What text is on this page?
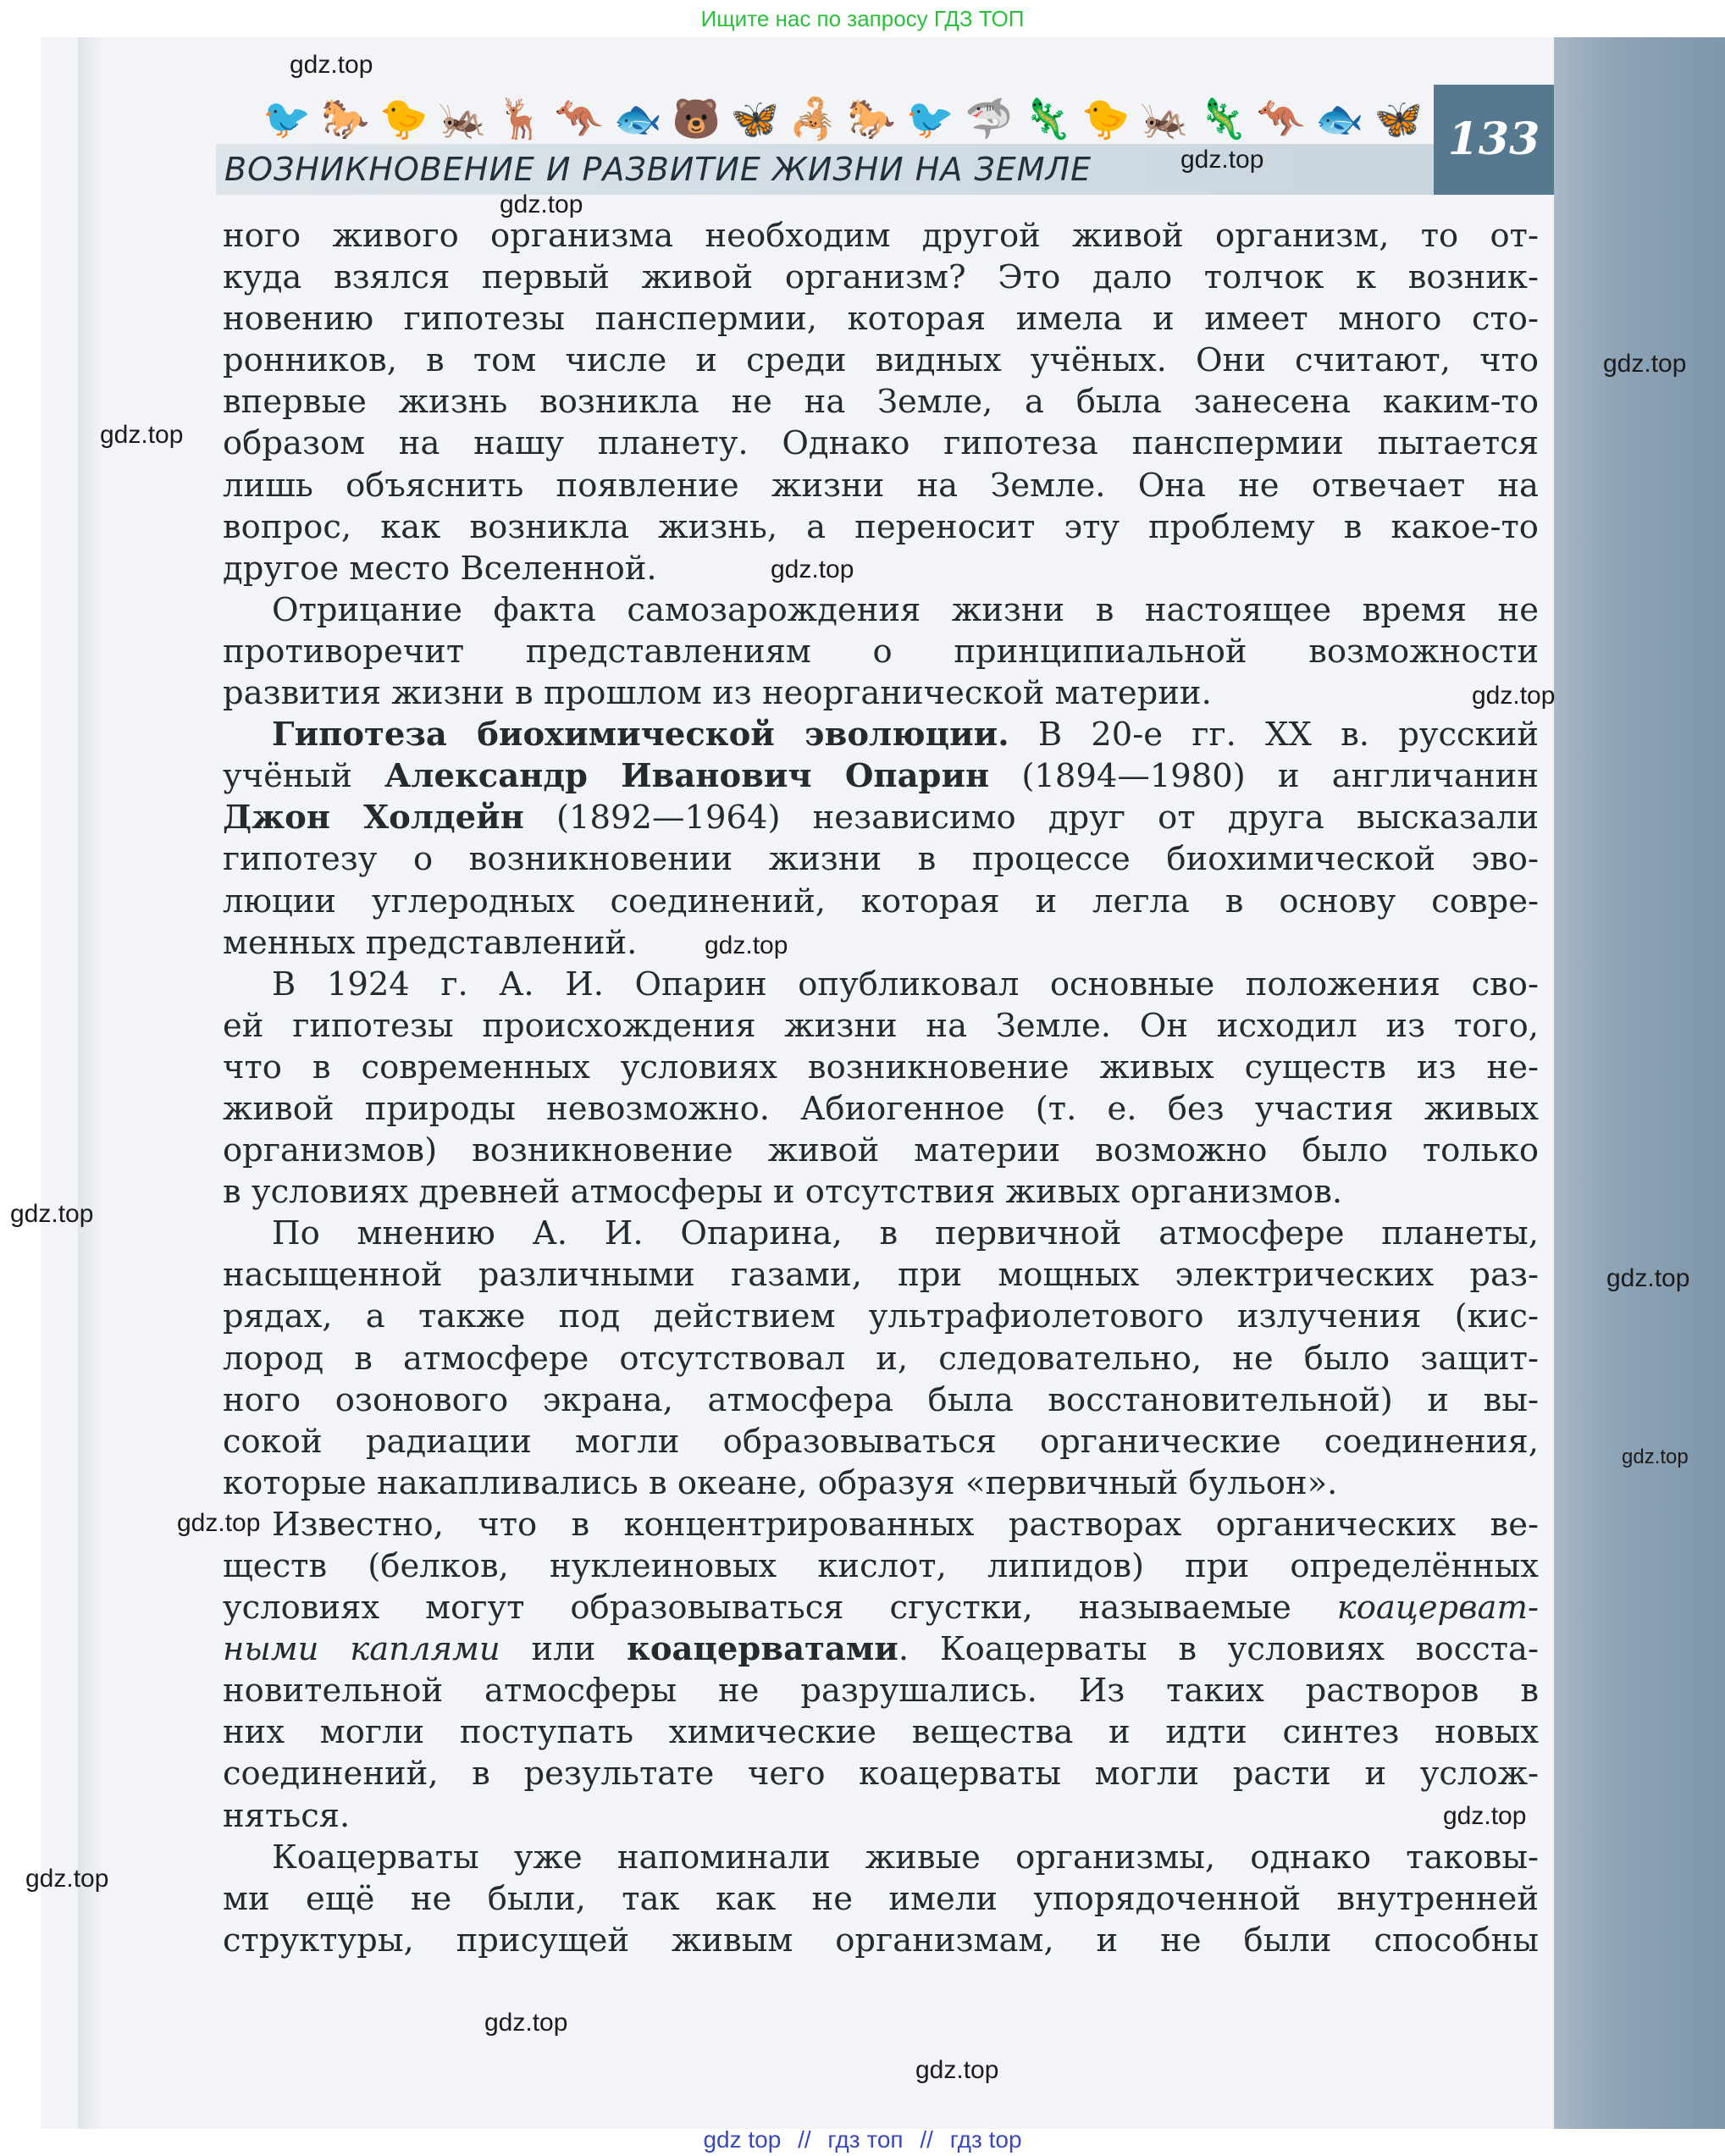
Ищите нас по запросу ГДЗ ТОП
🐦 🐎 🐤 🦗 🦌 🦘 🐟 🐻 🦋 🦂 🐎 🐦 🦈 🦎 🐤 🦗 🦎 🦘 🐟 🦋
ВОЗНИКНОВЕНИЕ И РАЗВИТИЕ ЖИЗНИ НА ЗЕМЛЕ
133
ного живого организма необходим другой живой организм, то от-
куда взялся первый живой организм? Это дало толчок к возник-
новению гипотезы панспермии, которая имела и имеет много сто-
ронников, в том числе и среди видных учёных. Они считают, что
впервые жизнь возникла не на Земле, а была занесена каким-то
образом на нашу планету. Однако гипотеза панспермии пытается
лишь объяснить появление жизни на Земле. Она не отвечает на
вопрос, как возникла жизнь, а переносит эту проблему в какое-то
другое место Вселенной.
Отрицание факта самозарождения жизни в настоящее время не
противоречит представлениям о принципиальной возможности
развития жизни в прошлом из неорганической материи.
Гипотеза биохимической эволюции. В 20-е гг. XX в. русский
учёный Александр Иванович Опарин (1894—1980) и англичанин
Джон Холдейн (1892—1964) независимо друг от друга высказали
гипотезу о возникновении жизни в процессе биохимической эво-
люции углеродных соединений, которая и легла в основу совре-
менных представлений.
В 1924 г. А. И. Опарин опубликовал основные положения сво-
ей гипотезы происхождения жизни на Земле. Он исходил из того,
что в современных условиях возникновение живых существ из не-
живой природы невозможно. Абиогенное (т. е. без участия живых
организмов) возникновение живой материи возможно было только
в условиях древней атмосферы и отсутствия живых организмов.
По мнению А. И. Опарина, в первичной атмосфере планеты,
насыщенной различными газами, при мощных электрических раз-
рядах, а также под действием ультрафиолетового излучения (кис-
лород в атмосфере отсутствовал и, следовательно, не было защит-
ного озонового экрана, атмосфера была восстановительной) и вы-
сокой радиации могли образовываться органические соединения,
которые накапливались в океане, образуя «первичный бульон».
Известно, что в концентрированных растворах органических ве-
ществ (белков, нуклеиновых кислот, липидов) при определённых
условиях могут образовываться сгустки, называемые коацерват-
ными каплями или коацерватами. Коацерваты в условиях восста-
новительной атмосферы не разрушались. Из таких растворов в
них могли поступать химические вещества и идти синтез новых
соединений, в результате чего коацерваты могли расти и услож-
няться.
Коацерваты уже напоминали живые организмы, однако таковы-
ми ещё не были, так как не имели упорядоченной внутренней
структуры, присущей живым организмам, и не были способны
gdz.top
gdz.top
gdz.top
gdz.top
gdz.top
gdz.top
gdz.top
gdz.top
gdz.top
gdz.top
gdz.top
gdz.top
gdz.top
gdz.top
gdz.top
gdz.top
gdz top // гдз топ // гдз top
